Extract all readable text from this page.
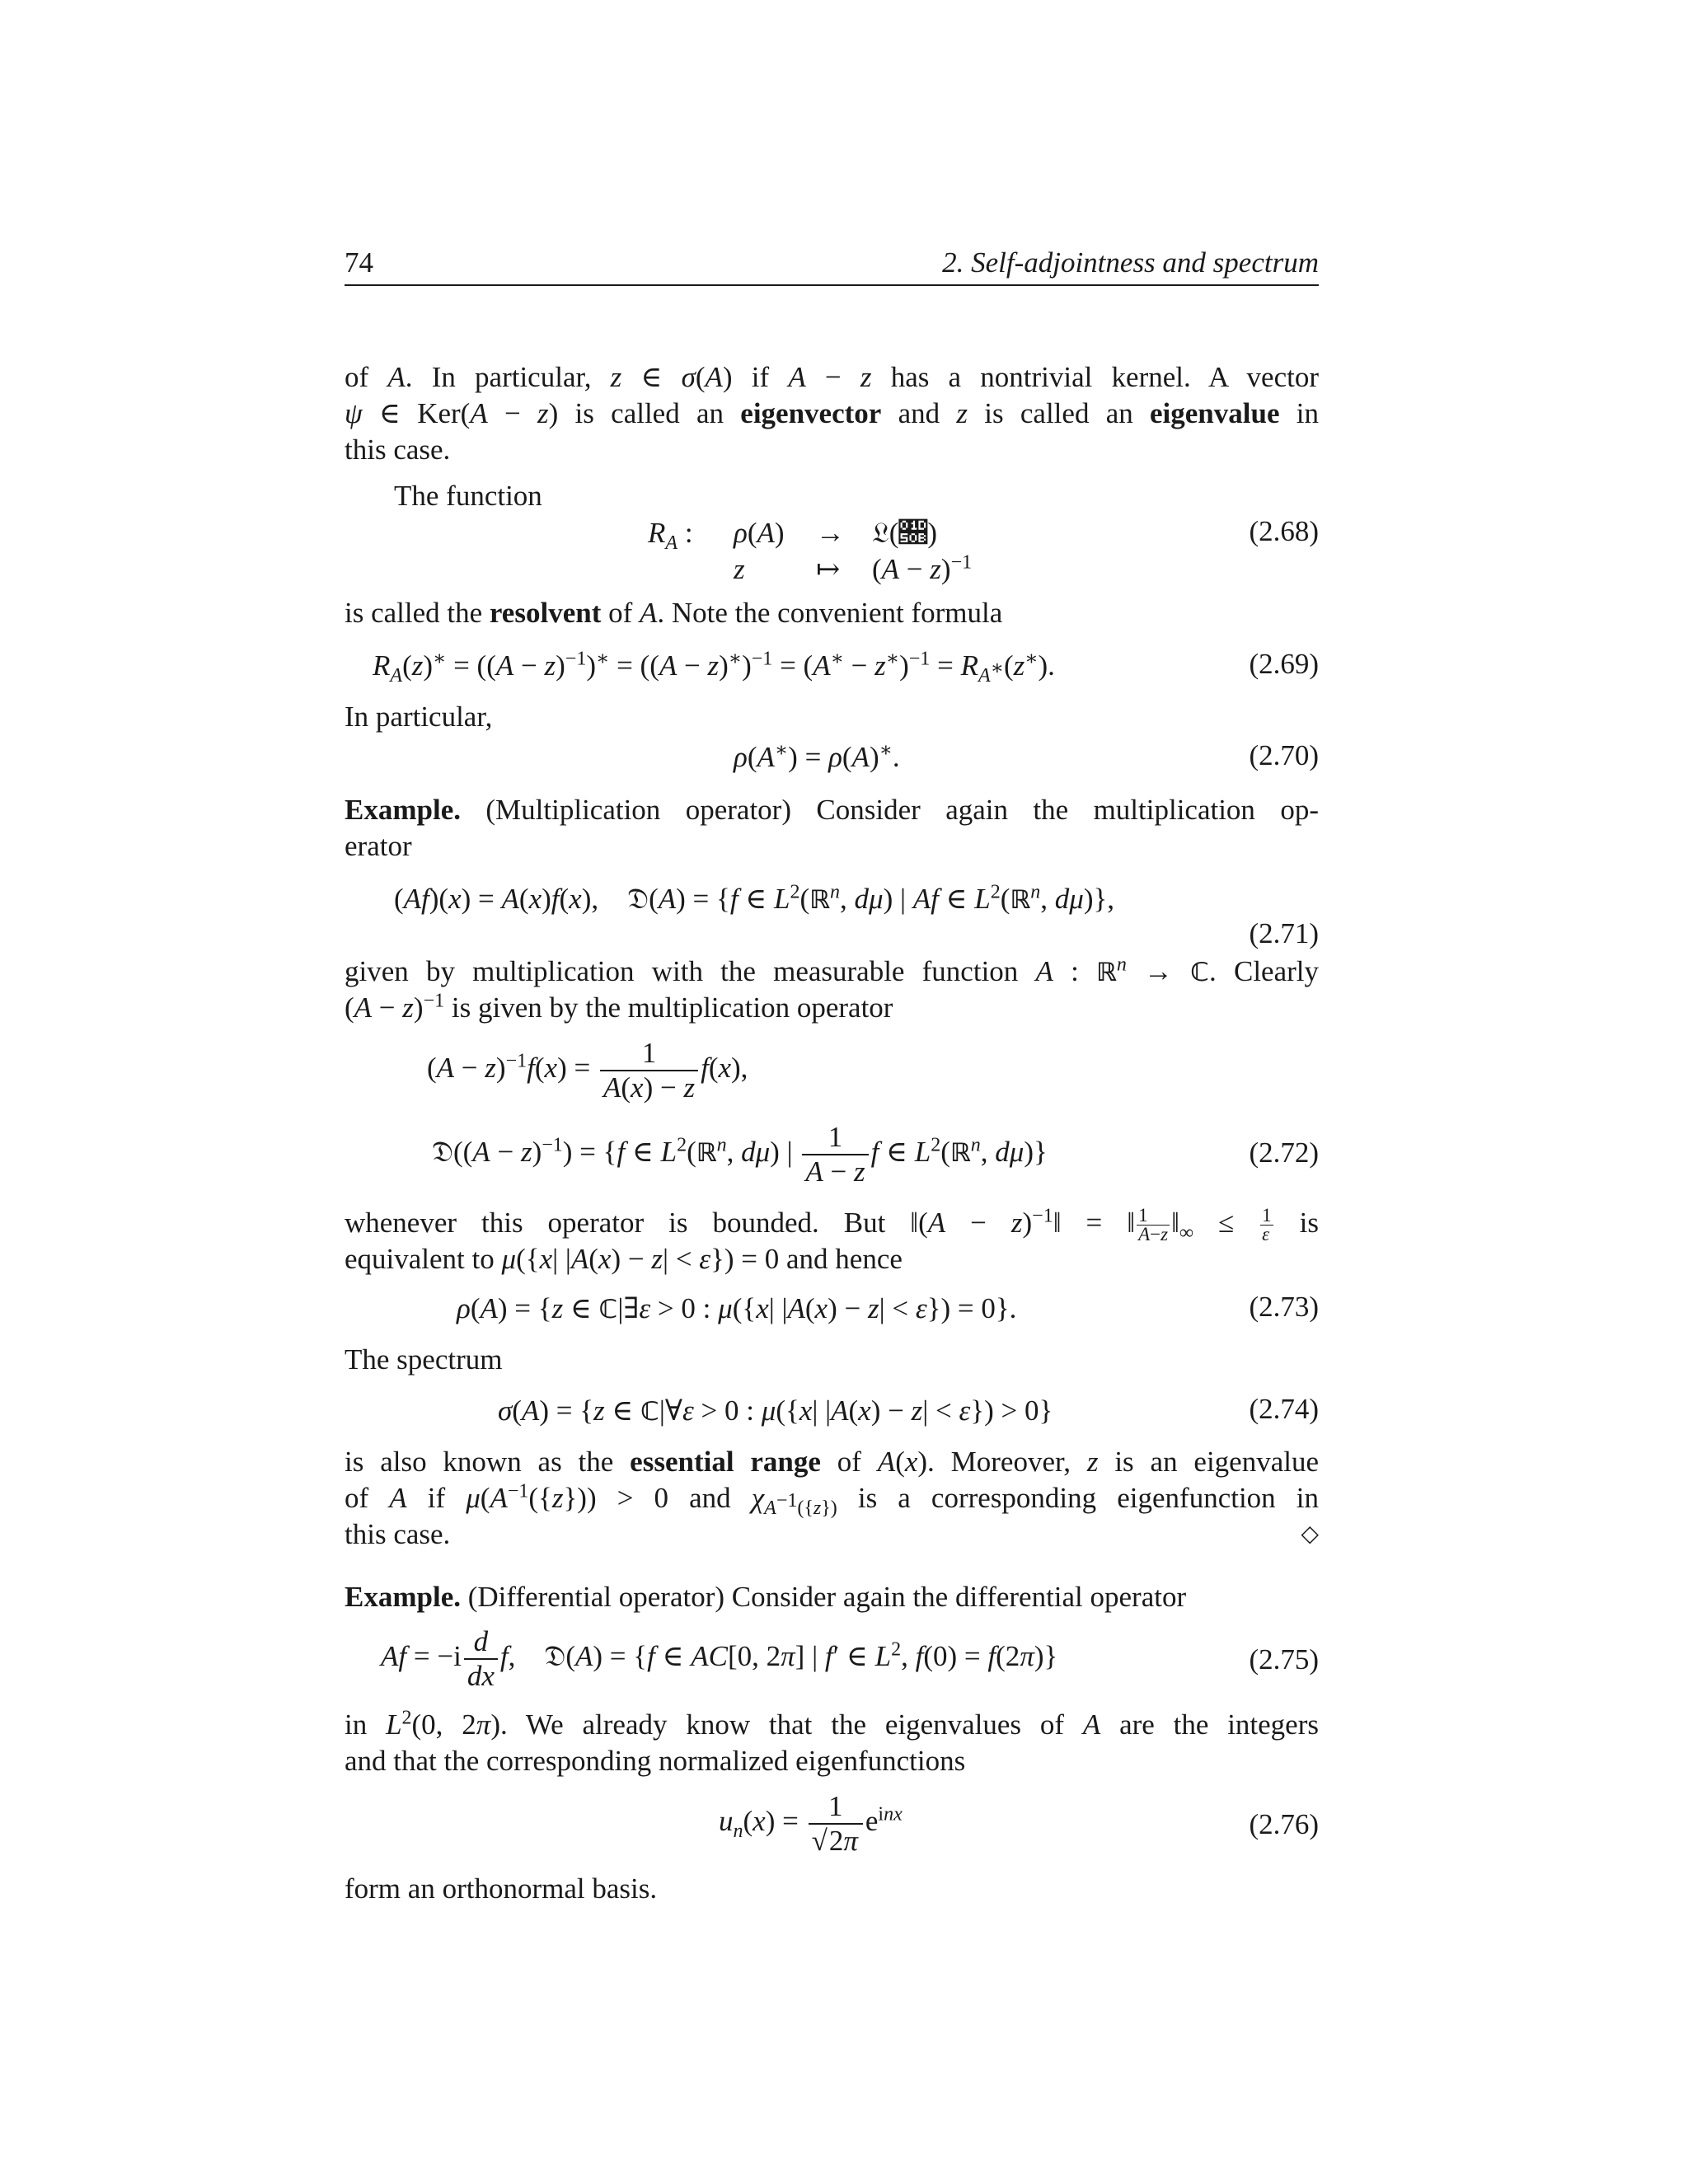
74	2. Self-adjointness and spectrum
of A. In particular, z ∈ σ(A) if A − z has a nontrivial kernel. A vector
ψ ∈ Ker(A − z) is called an eigenvector and z is called an eigenvalue in
this case.
The function
$R_A$ : ρ(A) → 𝔏(𝔋)
z ↦ $(A - z)^{-1}$
(2.68)
is called the resolvent of A. Note the convenient formula
$R_A(z)^∗ = ((A - z)^{-1})^∗ = ((A - z)^∗)^{-1} = (A^∗ - z^∗)^{-1} = R_{A^∗}(z^∗)$.	(2.69)
In particular,
ρ(A∗) = ρ(A)∗.	(2.70)
Example. (Multiplication operator) Consider again the multiplication op-
erator
(Af)(x) = A(x)f(x),    𝔇(A) = {f ∈ $L^2(ℝ^n$, dμ) | Af ∈ $L^2(ℝ^n$, dμ)},
(2.71)
given by multiplication with the measurable function A : ℝ$^n$ → ℂ. Clearly
$(A - z)^{-1}$ is given by the multiplication operator
$(A - z)^{-1}f(x) = \frac{1}{A(x) - z} f(x)$,
𝔇((A − z)$^{-1}$) = {f ∈ $L^2(ℝ^n$, dμ) | $\frac{1}{A - z}$ f ∈ $L^2(ℝ^n$, dμ)}	(2.72)
whenever this operator is bounded. But ‖(A − z)$^{-1}$‖ = ‖ $\frac{1}{A-z}$ $‖_\infty \le \frac{1}{\varepsilon}$ is
equivalent to μ({x| |A(x) − z| < ε}) = 0 and hence
ρ(A) = {z ∈ ℂ|∃ε > 0 : μ({x| |A(x) − z| < ε}) = 0}.	(2.73)
The spectrum
σ(A) = {z ∈ ℂ|∀ε > 0 : μ({x| |A(x) − z| < ε}) > 0}	(2.74)
is also known as the essential range of A(x). Moreover, z is an eigenvalue
of A if $\mu(A^{-1}(\{z\})) > 0$ and $\chi_{A^{-1}(\{z\})}$ is a corresponding eigenfunction in
this case.	◇
Example. (Differential operator) Consider again the differential operator
$Af = -i \frac{d}{dx} f$,    𝔇(A) = {f ∈ AC[0, 2π] | f′ ∈ $L^2$, f(0) = f(2π)}	(2.75)
in $L^2(0$, 2π). We already know that the eigenvalues of A are the integers
and that the corresponding normalized eigenfunctions
$u_n(x) = \frac{1}{√2\pi} e^{inx}$	(2.76)
form an orthonormal basis.
